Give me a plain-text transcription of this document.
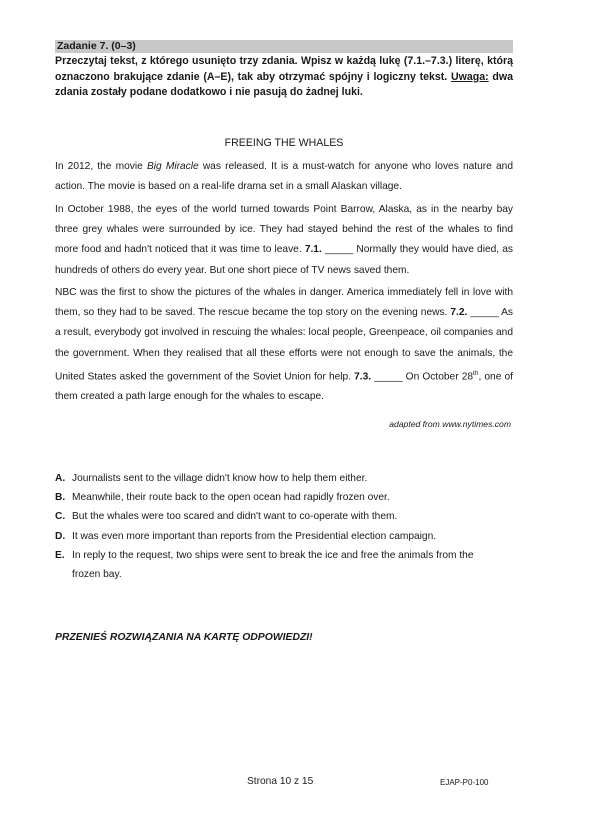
Zadanie 7. (0–3)
Przeczytaj tekst, z którego usunięto trzy zdania. Wpisz w każdą lukę (7.1.–7.3.) literę, którą oznaczono brakujące zdanie (A–E), tak aby otrzymać spójny i logiczny tekst. Uwaga: dwa zdania zostały podane dodatkowo i nie pasują do żadnej luki.
FREEING THE WHALES
In 2012, the movie Big Miracle was released. It is a must-watch for anyone who loves nature and action. The movie is based on a real-life drama set in a small Alaskan village.
In October 1988, the eyes of the world turned towards Point Barrow, Alaska, as in the nearby bay three grey whales were surrounded by ice. They had stayed behind the rest of the whales to find more food and hadn't noticed that it was time to leave. 7.1. _____ Normally they would have died, as hundreds of others do every year. But one short piece of TV news saved them.
NBC was the first to show the pictures of the whales in danger. America immediately fell in love with them, so they had to be saved. The rescue became the top story on the evening news. 7.2. _____ As a result, everybody got involved in rescuing the whales: local people, Greenpeace, oil companies and the government. When they realised that all these efforts were not enough to save the animals, the United States asked the government of the Soviet Union for help. 7.3. _____ On October 28th, one of them created a path large enough for the whales to escape.
adapted from www.nytimes.com
A. Journalists sent to the village didn't know how to help them either.
B. Meanwhile, their route back to the open ocean had rapidly frozen over.
C. But the whales were too scared and didn't want to co-operate with them.
D. It was even more important than reports from the Presidential election campaign.
E. In reply to the request, two ships were sent to break the ice and free the animals from the frozen bay.
PRZENIEŚ ROZWIĄZANIA NA KARTĘ ODPOWIEDZI!
Strona 10 z 15	EJAP-P0-100
